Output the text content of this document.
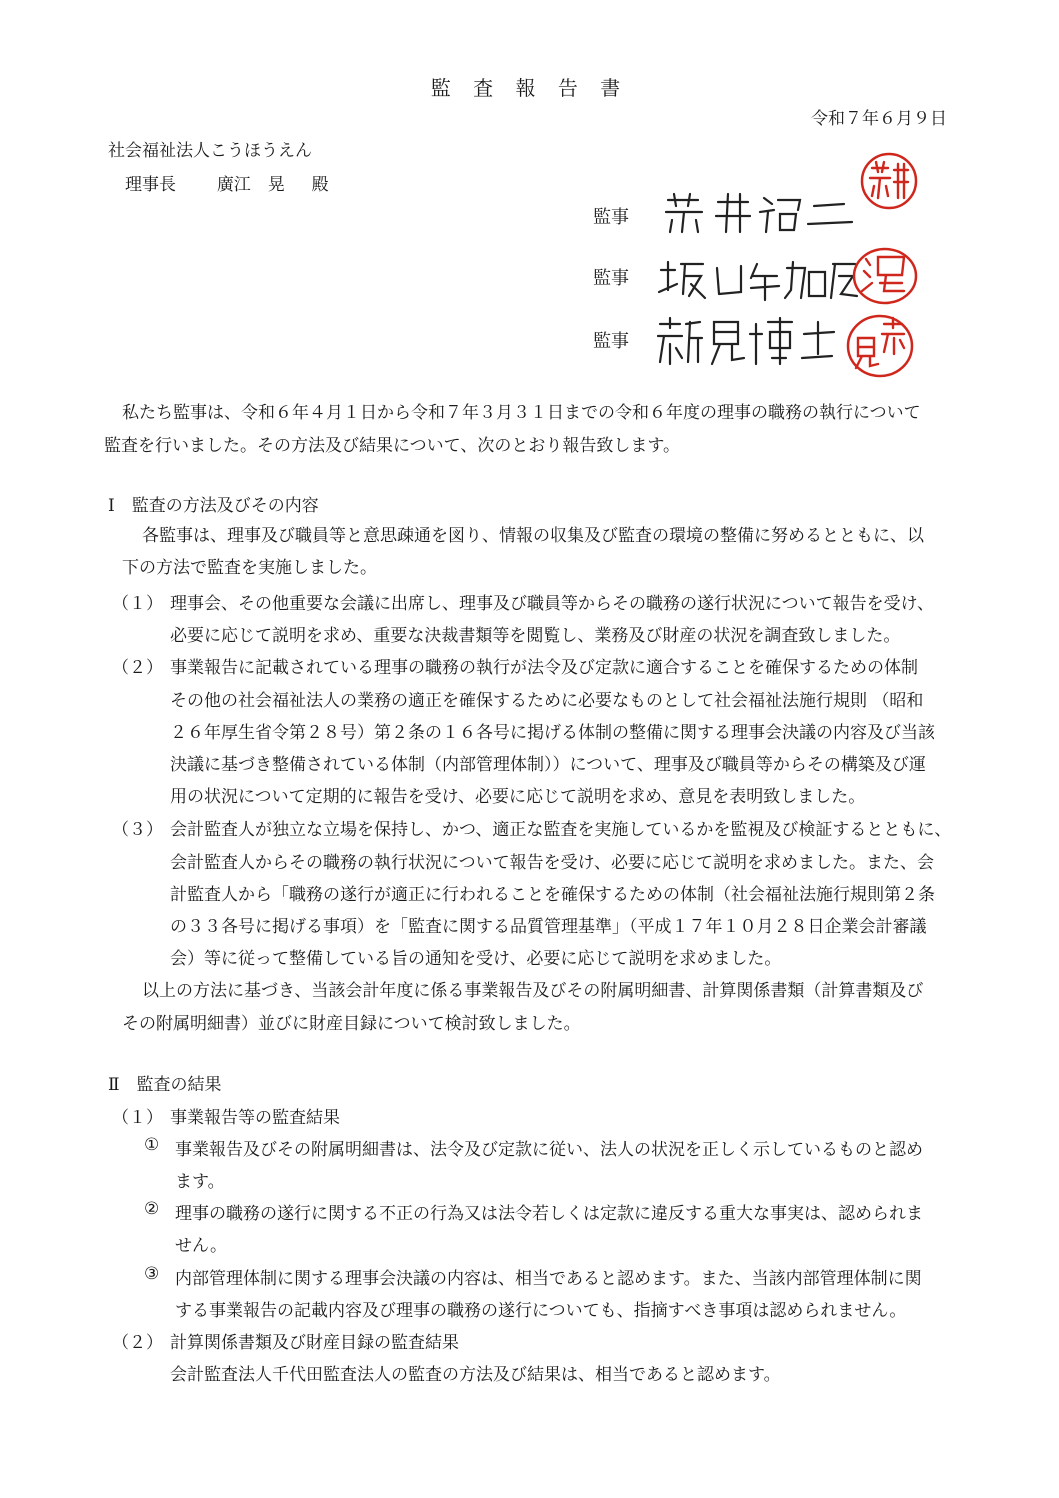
監 査 報 告 書
令和７年６月９日
社会福祉法人こうほうえん
理事長 廣江　晃 殿
監事
監事
監事
私たち監事は、令和６年４月１日から令和７年３月３１日までの令和６年度の理事の職務の執行について
監査を行いました。その方法及び結果について、次のとおり報告致します。
Ⅰ　監査の方法及びその内容
各監事は、理事及び職員等と意思疎通を図り、情報の収集及び監査の環境の整備に努めるとともに、以
下の方法で監査を実施しました。
（１） 理事会、その他重要な会議に出席し、理事及び職員等からその職務の遂行状況について報告を受け、
必要に応じて説明を求め、重要な決裁書類等を閲覧し、業務及び財産の状況を調査致しました。
（２） 事業報告に記載されている理事の職務の執行が法令及び定款に適合することを確保するための体制
その他の社会福祉法人の業務の適正を確保するために必要なものとして社会福祉法施行規則 （昭和
２６年厚生省令第２８号）第２条の１６各号に掲げる体制の整備に関する理事会決議の内容及び当該
決議に基づき整備されている体制（内部管理体制））について、理事及び職員等からその構築及び運
用の状況について定期的に報告を受け、必要に応じて説明を求め、意見を表明致しました。
（３） 会計監査人が独立な立場を保持し、かつ、適正な監査を実施しているかを監視及び検証するとともに、
会計監査人からその職務の執行状況について報告を受け、必要に応じて説明を求めました。また、会
計監査人から「職務の遂行が適正に行われることを確保するための体制（社会福祉法施行規則第２条
の３３各号に掲げる事項）を「監査に関する品質管理基準」（平成１７年１０月２８日企業会計審議
会）等に従って整備している旨の通知を受け、必要に応じて説明を求めました。
以上の方法に基づき、当該会計年度に係る事業報告及びその附属明細書、計算関係書類（計算書類及び
その附属明細書）並びに財産目録について検討致しました。
Ⅱ　監査の結果
（１） 事業報告等の監査結果
① 事業報告及びその附属明細書は、法令及び定款に従い、法人の状況を正しく示しているものと認め
ます。
② 理事の職務の遂行に関する不正の行為又は法令若しくは定款に違反する重大な事実は、認められま
せん。
③ 内部管理体制に関する理事会決議の内容は、相当であると認めます。また、当該内部管理体制に関
する事業報告の記載内容及び理事の職務の遂行についても、指摘すべき事項は認められません。
（２） 計算関係書類及び財産目録の監査結果
会計監査法人千代田監査法人の監査の方法及び結果は、相当であると認めます。
